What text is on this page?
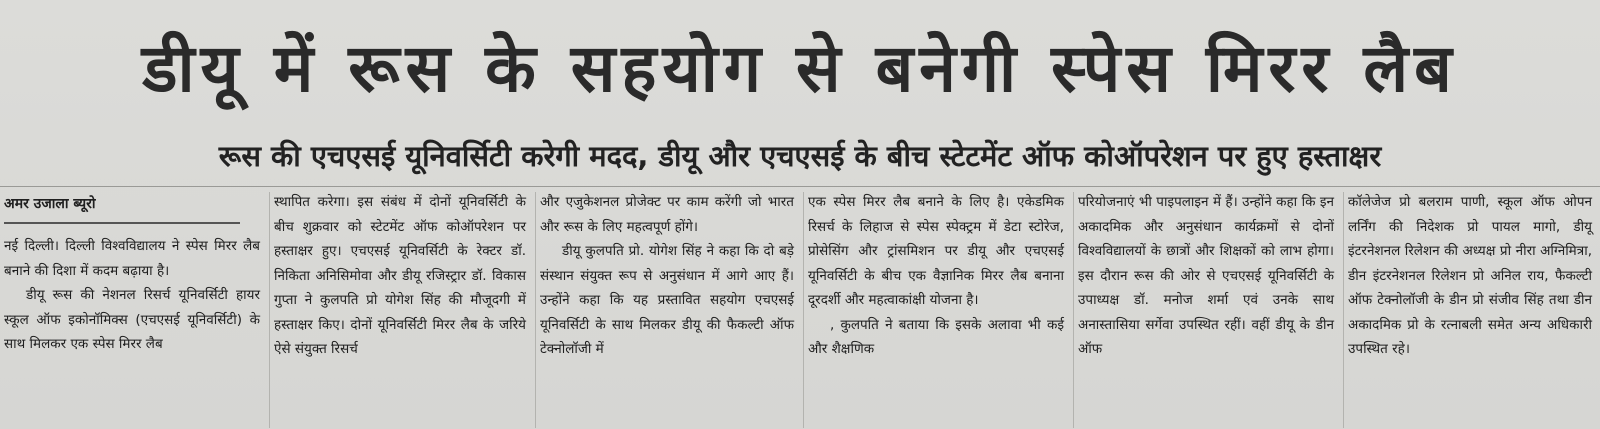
डीयू में रूस के सहयोग से बनेगी स्पेस मिरर लैब
रूस की एचएसई यूनिवर्सिटी करेगी मदद, डीयू और एचएसई के बीच स्टेटमेंट ऑफ कोऑपरेशन पर हुए हस्ताक्षर
अमर उजाला ब्यूरो

नई दिल्ली। दिल्ली विश्वविद्यालय ने स्पेस मिरर लैब बनाने की दिशा में कदम बढ़ाया है।

डीयू रूस की नेशनल रिसर्च यूनिवर्सिटी हायर स्कूल ऑफ इकोनॉमिक्स (एचएसई यूनिवर्सिटी) के साथ मिलकर एक स्पेस मिरर लैब

स्थापित करेगा। इस संबंध में दोनों यूनिवर्सिटी के बीच शुक्रवार को स्टेटमेंट ऑफ कोऑपरेशन पर हस्ताक्षर हुए। एचएसई यूनिवर्सिटी के रेक्टर डॉ. निकिता अनिसिमोवा और डीयू रजिस्ट्रार डॉ. विकास गुप्ता ने कुलपति प्रो योगेश सिंह की मौजूदगी में हस्ताक्षर किए। दोनों यूनिवर्सिटी मिरर लैब के जरिये ऐसे संयुक्त रिसर्च

और एजुकेशनल प्रोजेक्ट पर काम करेंगी जो भारत और रूस के लिए महत्वपूर्ण होंगे।

डीयू कुलपति प्रो. योगेश सिंह ने कहा कि दो बड़े संस्थान संयुक्त रूप से अनुसंधान में आगे आए हैं। उन्होंने कहा कि यह प्रस्तावित सहयोग एचएसई यूनिवर्सिटी के साथ मिलकर डीयू की फैकल्टी ऑफ टेक्नोलॉजी में

एक स्पेस मिरर लैब बनाने के लिए है। एकेडमिक रिसर्च के लिहाज से स्पेस स्पेक्ट्रम में डेटा स्टोरेज, प्रोसेसिंग और ट्रांसमिशन पर डीयू और एचएसई यूनिवर्सिटी के बीच एक वैज्ञानिक मिरर लैब बनाना दूरदर्शी और महत्वाकांक्षी योजना है।

, कुलपति ने बताया कि इसके अलावा भी कई और शैक्षणिक

परियोजनाएं भी पाइपलाइन में हैं। उन्होंने कहा कि इन अकादमिक और अनुसंधान कार्यक्रमों से दोनों विश्वविद्यालयों के छात्रों और शिक्षकों को लाभ होगा। इस दौरान रूस की ओर से एचएसई यूनिवर्सिटी के उपाध्यक्ष डॉ. मनोज शर्मा एवं उनके साथ अनास्तासिया सर्गेवा उपस्थित रहीं। वहीं डीयू के डीन ऑफ

कॉलेजेज प्रो बलराम पाणी, स्कूल ऑफ ओपन लर्निंग की निदेशक प्रो पायल मागो, डीयू इंटरनेशनल रिलेशन की अध्यक्ष प्रो नीरा अग्निमित्रा, डीन इंटरनेशनल रिलेशन प्रो अनिल राय, फैकल्टी ऑफ टेक्नोलॉजी के डीन प्रो संजीव सिंह तथा डीन अकादमिक प्रो के रत्नाबली समेत अन्य अधिकारी उपस्थित रहे।
